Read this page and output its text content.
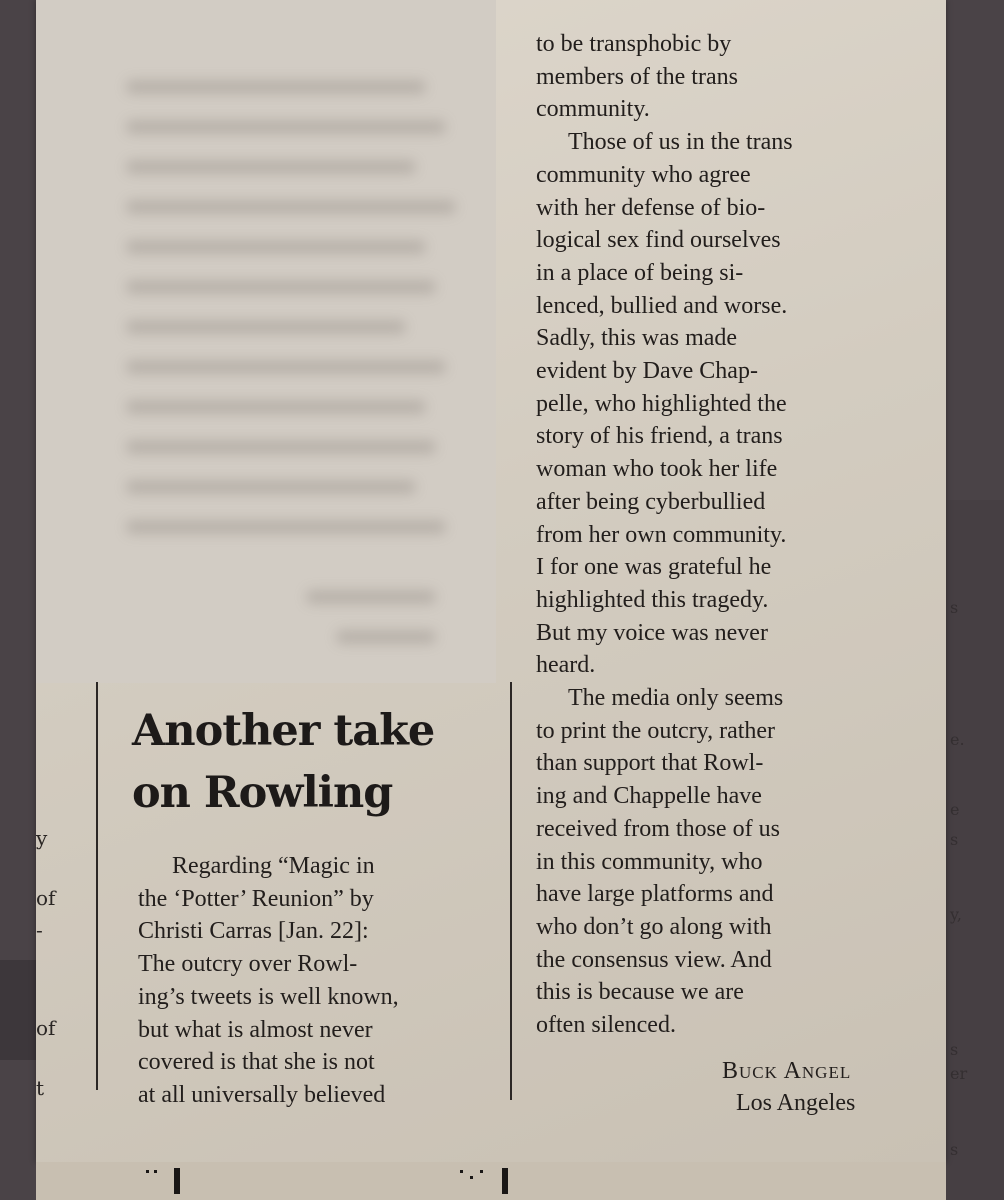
s
e.
e
s
y,
s
er
s
y
of
-
of
t
Another take
on Rowling
Regarding “Magic in
the ‘Potter’ Reunion” by
Christi Carras [Jan. 22]:
The outcry over Rowl-
ing’s tweets is well known,
but what is almost never
covered is that she is not
at all universally believed
to be transphobic by
members of the trans
community.
Those of us in the trans
community who agree
with her defense of bio-
logical sex find ourselves
in a place of being si-
lenced, bullied and worse.
Sadly, this was made
evident by Dave Chap-
pelle, who highlighted the
story of his friend, a trans
woman who took her life
after being cyberbullied
from her own community.
I for one was grateful he
highlighted this tragedy.
But my voice was never
heard.
The media only seems
to print the outcry, rather
than support that Rowl-
ing and Chappelle have
received from those of us
in this community, who
have large platforms and
who don’t go along with
the consensus view. And
this is because we are
often silenced.
Buck Angel
Los Angeles
